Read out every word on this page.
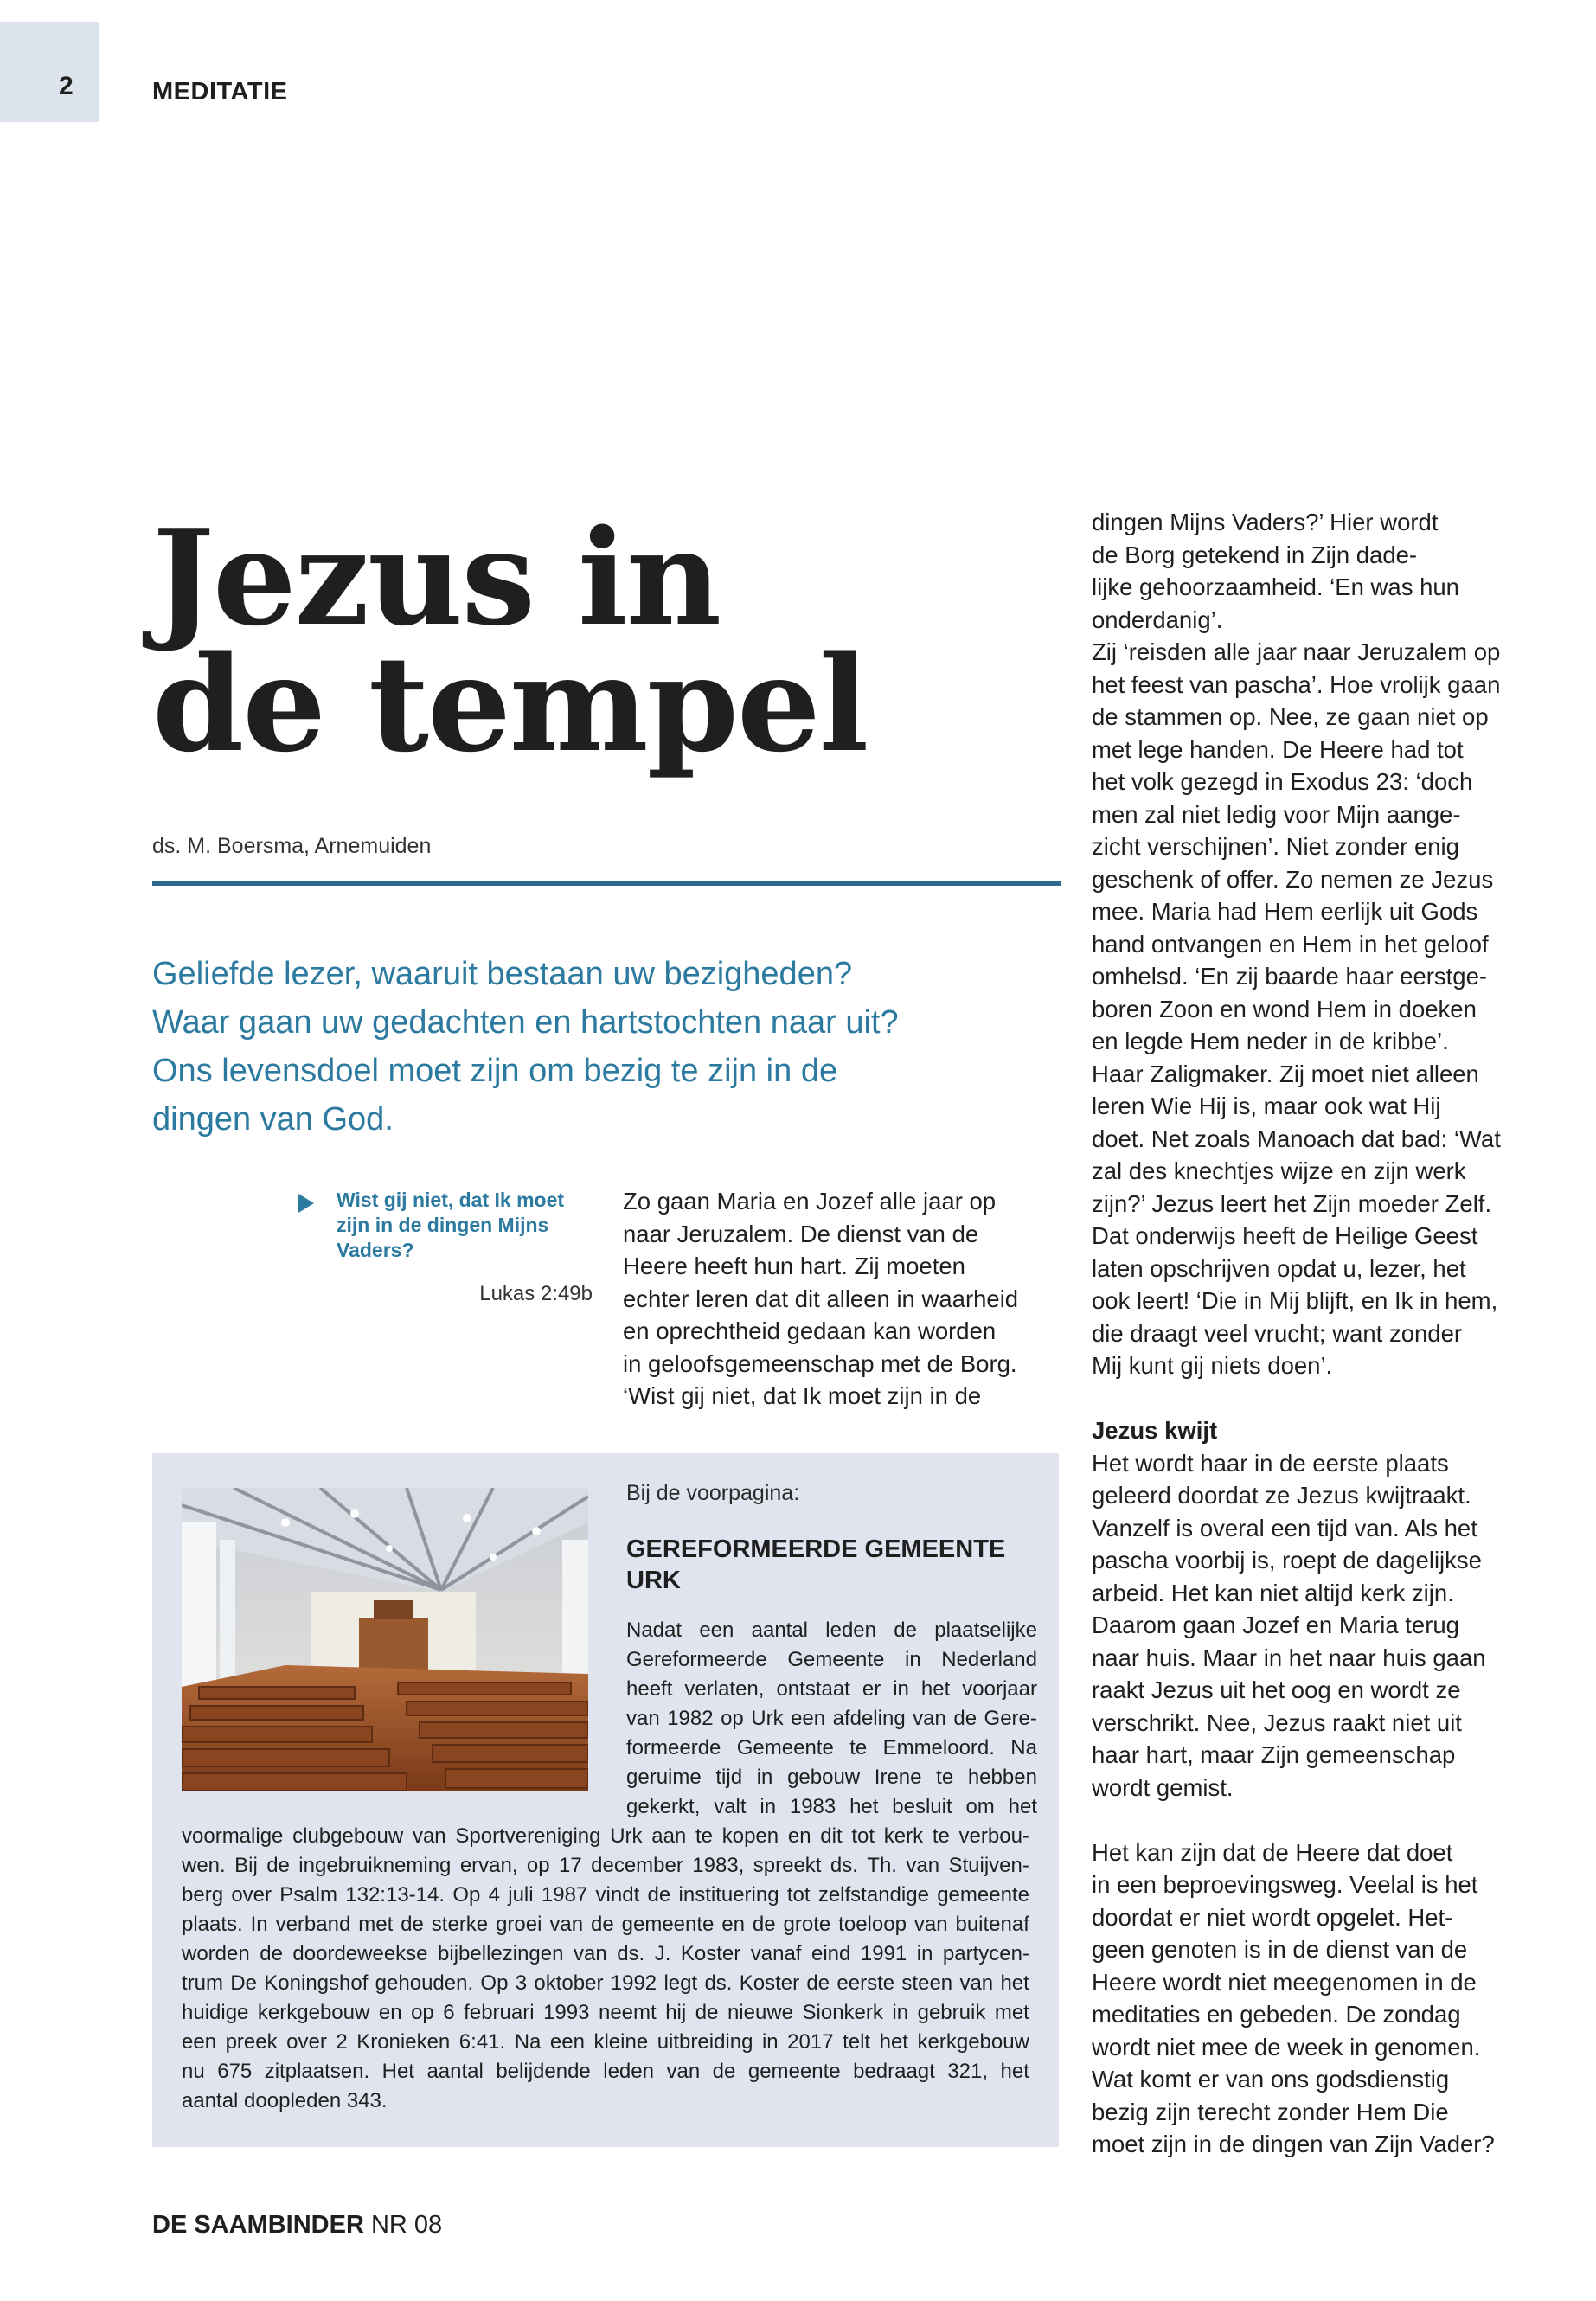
2	MEDITATIE
Jezus in
de tempel
ds. M. Boersma, Arnemuiden
Geliefde lezer, waaruit bestaan uw bezigheden?
Waar gaan uw gedachten en hartstochten naar uit?
Ons levensdoel moet zijn om bezig te zijn in de
dingen van God.
Wist gij niet, dat Ik moet zijn in de dingen Mijns Vaders?
Lukas 2:49b
Zo gaan Maria en Jozef alle jaar op
naar Jeruzalem. De dienst van de
Heere heeft hun hart. Zij moeten
echter leren dat dit alleen in waarheid
en oprechtheid gedaan kan worden
in geloofsgemeenschap met de Borg.
‘Wist gij niet, dat Ik moet zijn in de
dingen Mijns Vaders?’ Hier wordt
de Borg getekend in Zijn dade-
lijke gehoorzaamheid. ‘En was hun
onderdanig’.
Zij ‘reisden alle jaar naar Jeruzalem op
het feest van pascha’. Hoe vrolijk gaan
de stammen op. Nee, ze gaan niet op
met lege handen. De Heere had tot
het volk gezegd in Exodus 23: ‘doch
men zal niet ledig voor Mijn aange-
zicht verschijnen’. Niet zonder enig
geschenk of offer. Zo nemen ze Jezus
mee. Maria had Hem eerlijk uit Gods
hand ontvangen en Hem in het geloof
omhelsd. ‘En zij baarde haar eerstge-
boren Zoon en wond Hem in doeken
en legde Hem neder in de kribbe’.
Haar Zaligmaker. Zij moet niet alleen
leren Wie Hij is, maar ook wat Hij
doet. Net zoals Manoach dat bad: ‘Wat
zal des knechtjes wijze en zijn werk
zijn?’ Jezus leert het Zijn moeder Zelf.
Dat onderwijs heeft de Heilige Geest
laten opschrijven opdat u, lezer, het
ook leert! ‘Die in Mij blijft, en Ik in hem,
die draagt veel vrucht; want zonder
Mij kunt gij niets doen’.
Jezus kwijt
Het wordt haar in de eerste plaats
geleerd doordat ze Jezus kwijtraakt.
Vanzelf is overal een tijd van. Als het
pascha voorbij is, roept de dagelijkse
arbeid. Het kan niet altijd kerk zijn.
Daarom gaan Jozef en Maria terug
naar huis. Maar in het naar huis gaan
raakt Jezus uit het oog en wordt ze
verschrikt. Nee, Jezus raakt niet uit
haar hart, maar Zijn gemeenschap
wordt gemist.
Het kan zijn dat de Heere dat doet
in een beproevingsweg. Veelal is het
doordat er niet wordt opgelet. Het-
geen genoten is in de dienst van de
Heere wordt niet meegenomen in de
meditaties en gebeden. De zondag
wordt niet mee de week in genomen.
Wat komt er van ons godsdienstig
bezig zijn terecht zonder Hem Die
moet zijn in de dingen van Zijn Vader?
Bij de voorpagina:
GEREFORMEERDE GEMEENTE
URK
Nadat een aantal leden de plaatselijke
Gereformeerde Gemeente in Nederland
heeft verlaten, ontstaat er in het voorjaar
van 1982 op Urk een afdeling van de Gere-
formeerde Gemeente te Emmeloord. Na
geruime tijd in gebouw Irene te hebben
gekerkt, valt in 1983 het besluit om het
voormalige clubgebouw van Sportvereniging Urk aan te kopen en dit tot kerk te verbou-
wen. Bij de ingebruikneming ervan, op 17 december 1983, spreekt ds. Th. van Stuijven-
berg over Psalm 132:13-14. Op 4 juli 1987 vindt de instituering tot zelfstandige gemeente
plaats. In verband met de sterke groei van de gemeente en de grote toeloop van buitenaf
worden de doordeweekse bijbellezingen van ds. J. Koster vanaf eind 1991 in partycen-
trum De Koningshof gehouden. Op 3 oktober 1992 legt ds. Koster de eerste steen van het
huidige kerkgebouw en op 6 februari 1993 neemt hij de nieuwe Sionkerk in gebruik met
een preek over 2 Kronieken 6:41. Na een kleine uitbreiding in 2017 telt het kerkgebouw
nu 675 zitplaatsen. Het aantal belijdende leden van de gemeente bedraagt 321, het
aantal doopleden 343.
DE SAAMBINDER NR 08
